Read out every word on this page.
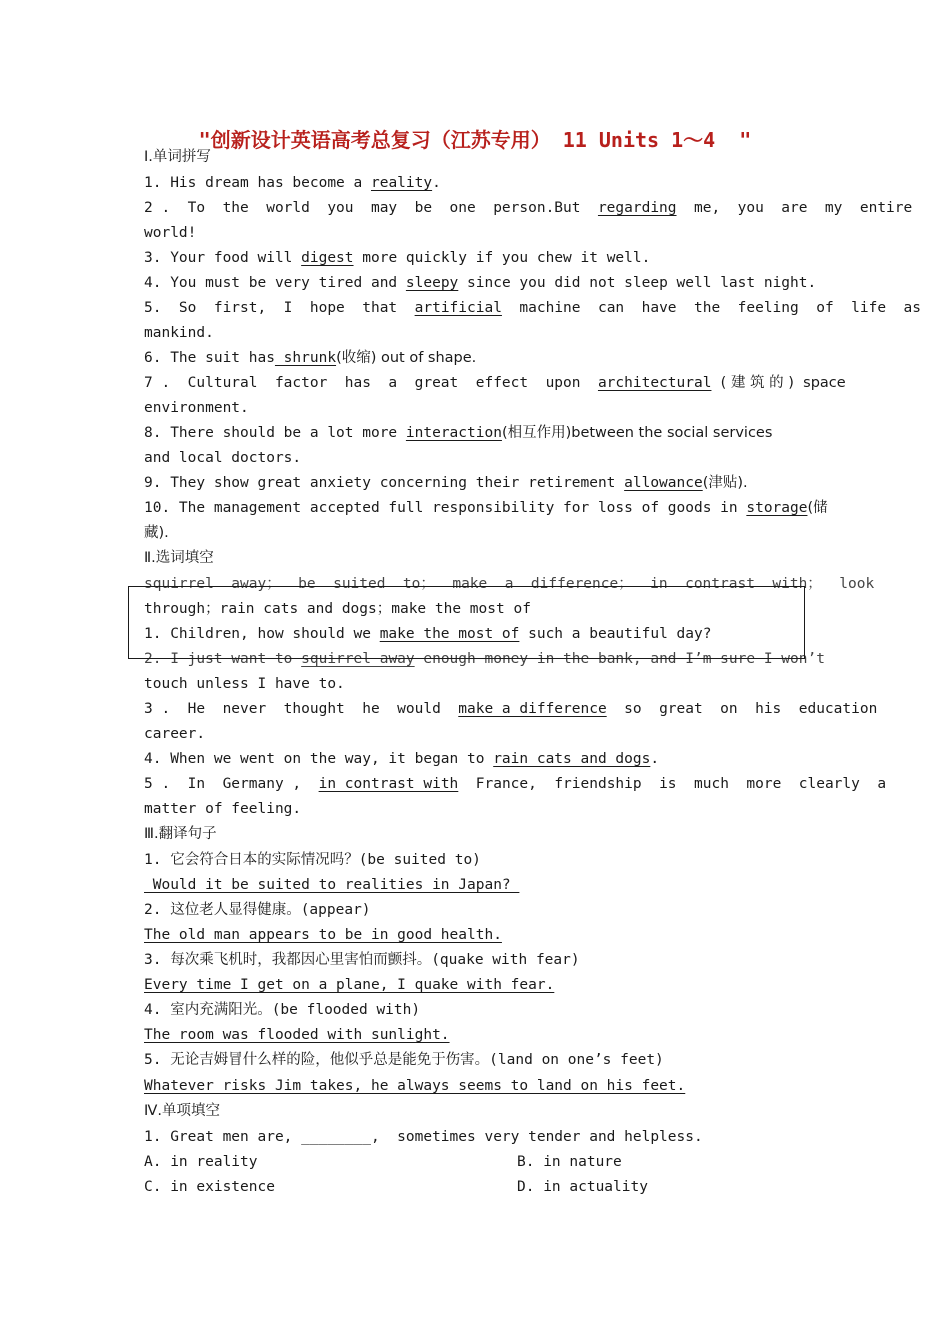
"创新设计英语高考总复习（江苏专用） 11 Units 1～4  "
Ⅰ.单词拼写
1. His dream has become a reality.
2 .  To  the  world  you  may  be  one  person.But  regarding  me,  you  are  my  entire
world!
3. Your food will digest more quickly if you chew it well.
4. You must be very tired and sleepy since you did not sleep well last night.
5.  So  first,  I  hope  that  artificial  machine  can  have  the  feeling  of  life  as
mankind.
6. The suit has shrunk(收缩) out of shape.
7 .  Cultural  factor  has  a  great  effect  upon  architectural  ( 建 筑 的 )  space
environment.
8. There should be a lot more interaction(相互作用)between the social services
and local doctors.
9. They show great anxiety concerning their retirement allowance(津贴).
10. The management accepted full responsibility for loss of goods in storage(储
藏).
Ⅱ.选词填空
squirrel  away；  be  suited  to；  make  a  difference；  in  contrast  with；  look
through；rain cats and dogs；make the most of
1. Children, how should we make the most of such a beautiful day?
2. I just want to squirrel away enough money in the bank, and I’m sure I won’t
touch unless I have to.
3 .  He  never  thought  he  would  make a difference  so  great  on  his  education
career.
4. When we went on the way, it began to rain cats and dogs.
5 .  In  Germany ,  in contrast with  France,  friendship  is  much  more  clearly  a
matter of feeling.
Ⅲ.翻译句子
1. 它会符合日本的实际情况吗？(be suited to)
Would it be suited to realities in Japan?
2. 这位老人显得健康。(appear)
The old man appears to be in good health.
3. 每次乘飞机时，我都因心里害怕而颤抖。(quake with fear)
Every time I get on a plane, I quake with fear.
4. 室内充满阳光。(be flooded with)
The room was flooded with sunlight.
5. 无论吉姆冒什么样的险，他似乎总是能免于伤害。(land on one’s feet)
Whatever risks Jim takes, he always seems to land on his feet.
Ⅳ.单项填空
1. Great men are, ________,  sometimes very tender and helpless.
A. in reality	B. in nature
C. in existence	D. in actuality
